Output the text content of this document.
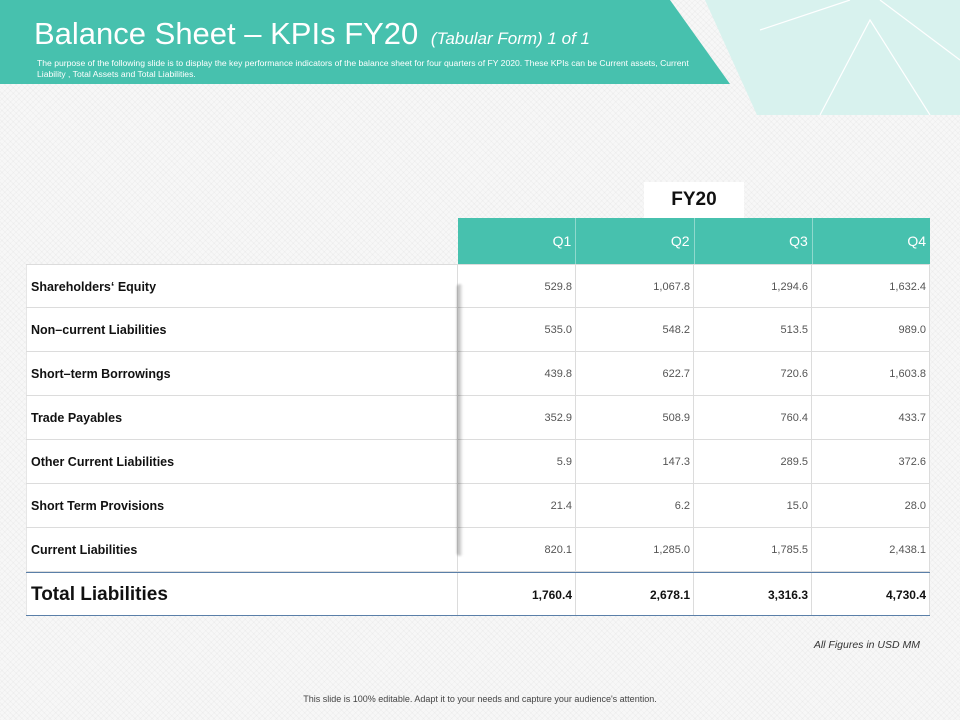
Balance Sheet – KPIs FY20 (Tabular Form) 1 of 1
The purpose of the following slide is to display the key performance indicators of the balance sheet for four quarters of FY 2020. These KPIs can be Current assets, Current Liability , Total Assets and Total Liabilities.
FY20
Q1	Q2	Q3	Q4
Shareholders‘ Equity	529.8	1,067.8	1,294.6	1,632.4
Non–current Liabilities	535.0	548.2	513.5	989.0
Short–term Borrowings	439.8	622.7	720.6	1,603.8
Trade Payables	352.9	508.9	760.4	433.7
Other Current Liabilities	5.9	147.3	289.5	372.6
Short Term Provisions	21.4	6.2	15.0	28.0
Current Liabilities	820.1	1,285.0	1,785.5	2,438.1
Total Liabilities	1,760.4	2,678.1	3,316.3	4,730.4
All Figures in USD MM
This slide is 100% editable. Adapt it to your needs and capture your audience's attention.
